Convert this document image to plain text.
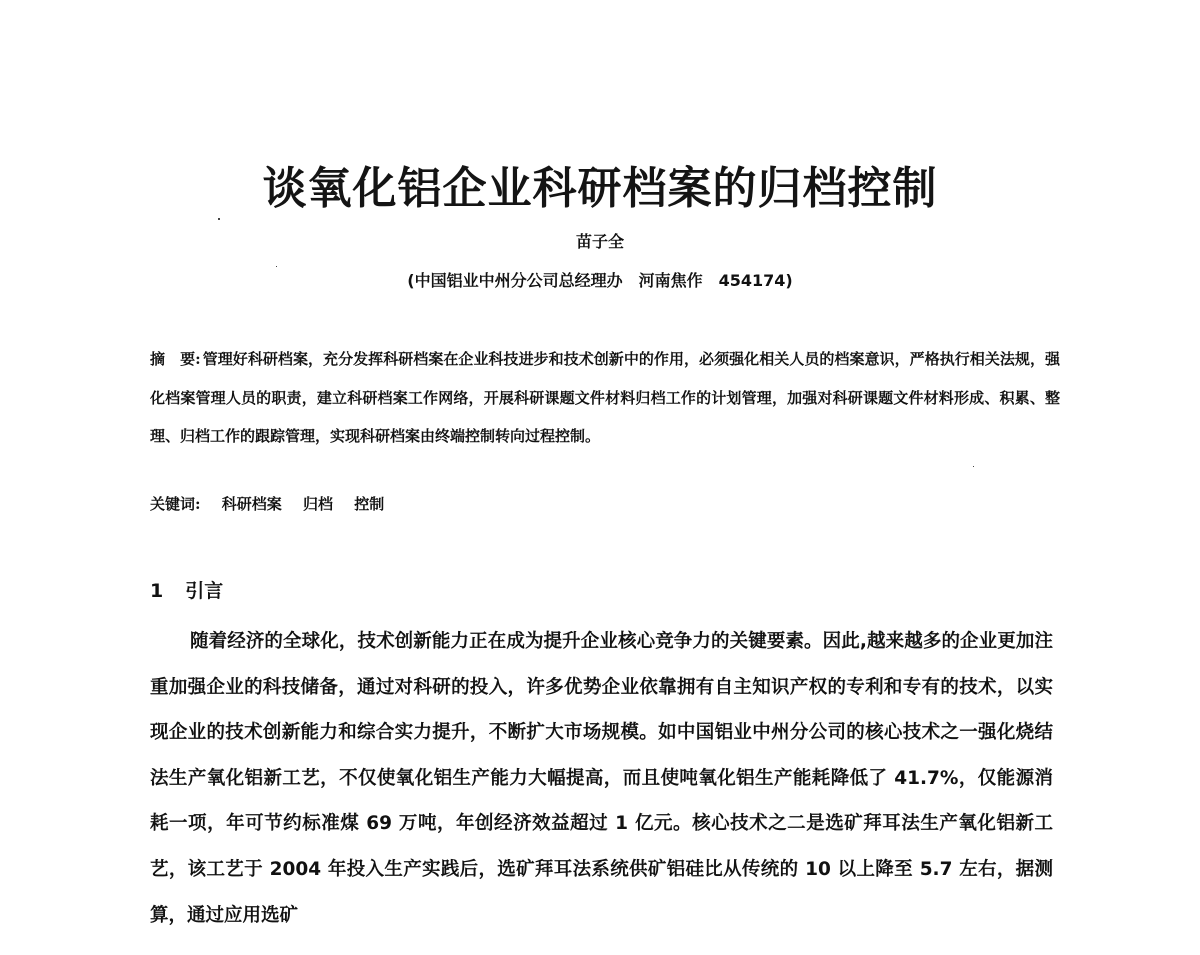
谈氧化铝企业科研档案的归档控制
苗子全
(中国铝业中州分公司总经理办　河南焦作　454174)
摘　要: 管理好科研档案，充分发挥科研档案在企业科技进步和技术创新中的作用，必须强化相关人员的档案意识，严格执行相关法规，强化档案管理人员的职责，建立科研档案工作网络，开展科研课题文件材料归档工作的计划管理，加强对科研课题文件材料形成、积累、整理、归档工作的跟踪管理，实现科研档案由终端控制转向过程控制。
关键词: 科研档案 归档 控制
1 引言
随着经济的全球化，技术创新能力正在成为提升企业核心竞争力的关键要素。因此,越来越多的企业更加注重加强企业的科技储备，通过对科研的投入，许多优势企业依靠拥有自主知识产权的专利和专有的技术，以实现企业的技术创新能力和综合实力提升，不断扩大市场规模。如中国铝业中州分公司的核心技术之一强化烧结法生产氧化铝新工艺，不仅使氧化铝生产能力大幅提高，而且使吨氧化铝生产能耗降低了 41.7%，仅能源消耗一项，年可节约标准煤 69 万吨，年创经济效益超过 1 亿元。核心技术之二是选矿拜耳法生产氧化铝新工艺，该工艺于 2004 年投入生产实践后，选矿拜耳法系统供矿铝硅比从传统的 10 以上降至 5.7 左右，据测算，通过应用选矿
